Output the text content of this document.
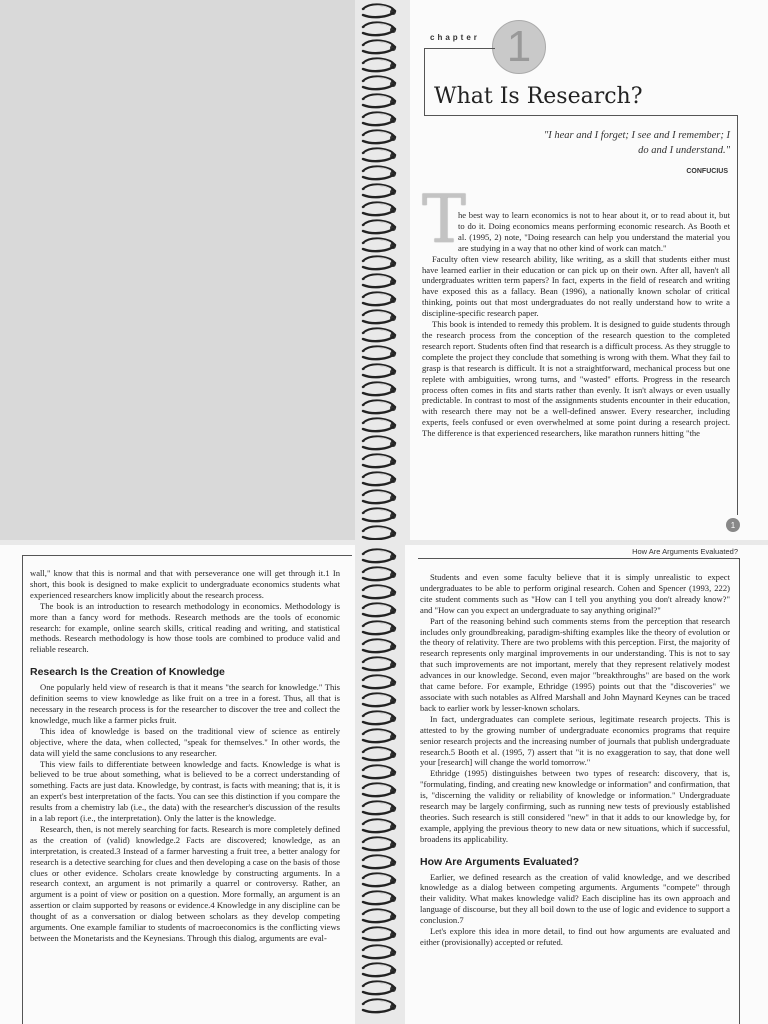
chapter 1
What Is Research?
"I hear and I forget; I see and I remember; I do and I understand."
CONFUCIUS
T

he best way to learn economics is not to hear about it, or to read about it, but to do it. Doing economics means performing economic research. As Booth et al. (1995, 2) note, "Doing research can help you understand the material you are studying in a way that no other kind of work can match."

Faculty often view research ability, like writing, as a skill that students either must have learned earlier in their education or can pick up on their own. After all, haven't all undergraduates written term papers? In fact, experts in the field of research and writing have exposed this as a fallacy. Bean (1996), a nationally known scholar of critical thinking, points out that most undergraduates do not really understand how to write a discipline-specific research paper.

This book is intended to remedy this problem. It is designed to guide students through the research process from the conception of the research question to the completed research report. Students often find that research is a difficult process. As they struggle to complete the project they conclude that something is wrong with them. What they fail to grasp is that research is difficult. It is not a straightforward, mechanical process but one replete with ambiguities, wrong turns, and "wasted" efforts. Progress in the research process often comes in fits and starts rather than evenly. It isn't always or even usually predictable. In contrast to most of the assignments students encounter in their education, with research there may not be a well-defined answer. Every researcher, including experts, feels confused or even overwhelmed at some point during a research project. The difference is that experienced researchers, like marathon runners hitting "the

1

wall," know that this is normal and that with perseverance one will get through it.1 In short, this book is designed to make explicit to undergraduate economics students what experienced researchers know implicitly about the research process.

The book is an introduction to research methodology in economics. Methodology is more than a fancy word for methods. Research methods are the tools of economic research: for example, online search skills, critical reading and writing, and statistical methods. Research methodology is how those tools are combined to produce valid and reliable research.

Research Is the Creation of Knowledge

One popularly held view of research is that it means "the search for knowledge." This definition seems to view knowledge as like fruit on a tree in a forest. Thus, all that is necessary in the research process is for the researcher to discover the tree and collect the knowledge, much like a farmer picks fruit.

This idea of knowledge is based on the traditional view of science as entirely objective, where the data, when collected, "speak for themselves." In other words, the data will yield the same conclusions to any researcher.

This view fails to differentiate between knowledge and facts. Knowledge is what is believed to be true about something, what is believed to be a correct understanding of something. Facts are just data. Knowledge, by contrast, is facts with meaning; that is, it is an expert's best interpretation of the facts. You can see this distinction if you compare the results from a chemistry lab (i.e., the data) with the researcher's discussion of the results in a lab report (i.e., the interpretation). Only the latter is the knowledge.

Research, then, is not merely searching for facts. Research is more completely defined as the creation of (valid) knowledge.2 Facts are discovered; knowledge, as an interpretation, is created.3 Instead of a farmer harvesting a fruit tree, a better analogy for research is a detective searching for clues and then developing a case on the basis of those clues or other evidence. Scholars create knowledge by constructing arguments. In a research context, an argument is not primarily a quarrel or controversy. Rather, an argument is a point of view or position on a question. More formally, an argument is an assertion or claim supported by reasons or evidence.4 Knowledge in any discipline can be thought of as a conversation or dialog between scholars as they develop competing arguments. One example familiar to students of macroeconomics is the conflicting views between the Monetarists and the Keynesians. Through this dialog, arguments are eval-

How Are Arguments Evaluated?

Students and even some faculty believe that it is simply unrealistic to expect undergraduates to be able to perform original research. Cohen and Spencer (1993, 222) cite student comments such as "How can I tell you anything you don't already know?" and "How can you expect an undergraduate to say anything original?"

Part of the reasoning behind such comments stems from the perception that research includes only groundbreaking, paradigm-shifting examples like the theory of evolution or the theory of relativity. There are two problems with this perception. First, the majority of research represents only marginal improvements in our understanding. This is not to say that such improvements are not important, merely that they represent relatively modest advances in our knowledge. Second, even major "breakthroughs" are based on the work that came before. For example, Ethridge (1995) points out that the "discoveries" we associate with such notables as Alfred Marshall and John Maynard Keynes can be traced back to earlier work by lesser-known scholars.

In fact, undergraduates can complete serious, legitimate research projects. This is attested to by the growing number of undergraduate economics programs that require senior research projects and the increasing number of journals that publish undergraduate research.5 Booth et al. (1995, 7) assert that "it is no exaggeration to say, that done well your [research] will change the world tomorrow."

Ethridge (1995) distinguishes between two types of research: discovery, that is, "formulating, finding, and creating new knowledge or information" and confirmation, that is, "discerning the validity or reliability of knowledge or information." Undergraduate research may be largely confirming, such as running new tests of previously established theories. Such research is still considered "new" in that it adds to our knowledge by, for example, applying the previous theory to new data or new situations, which if successful, broadens its applicability.

How Are Arguments Evaluated?

Earlier, we defined research as the creation of valid knowledge, and we described knowledge as a dialog between competing arguments. Arguments "compete" through their validity. What makes knowledge valid? Each discipline has its own approach and language of discourse, but they all boil down to the use of logic and evidence to support a conclusion.7

Let's explore this idea in more detail, to find out how arguments are evaluated and either (provisionally) accepted or refuted.
